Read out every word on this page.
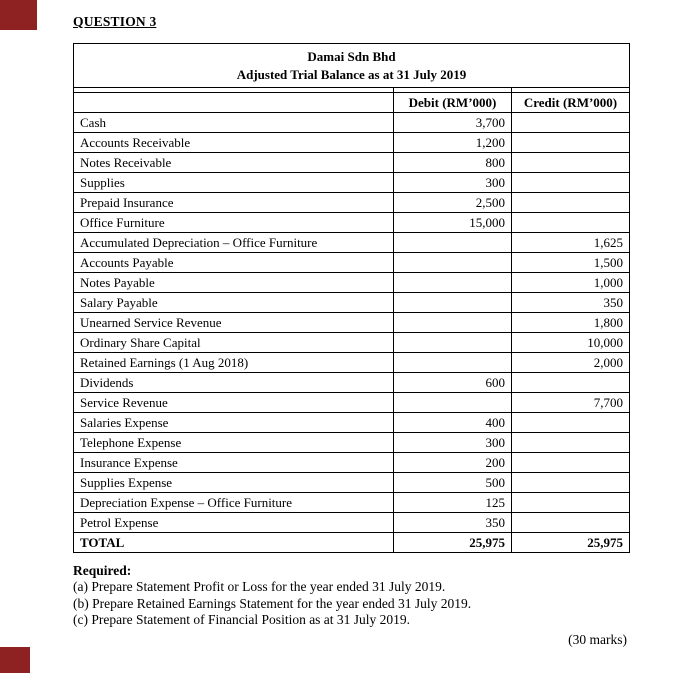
QUESTION 3
Damai Sdn Bhd
Adjusted Trial Balance as at 31 July 2019		

	Debit (RM’000)	Credit (RM’000)
Cash	3,700	
Accounts Receivable	1,200	
Notes Receivable	800	
Supplies	300	
Prepaid Insurance	2,500	
Office Furniture	15,000	
Accumulated Depreciation – Office Furniture		1,625
Accounts Payable		1,500
Notes Payable		1,000
Salary Payable		350
Unearned Service Revenue		1,800
Ordinary Share Capital		10,000
Retained Earnings (1 Aug 2018)		2,000
Dividends	600	
Service Revenue		7,700
Salaries Expense	400	
Telephone Expense	300	
Insurance Expense	200	
Supplies Expense	500	
Depreciation Expense – Office Furniture	125	
Petrol Expense	350	
TOTAL	25,975	25,975
Required:
(a) Prepare Statement Profit or Loss for the year ended 31 July 2019.
(b) Prepare Retained Earnings Statement for the year ended 31 July 2019.
(c) Prepare Statement of Financial Position as at 31 July 2019.
(30 marks)
